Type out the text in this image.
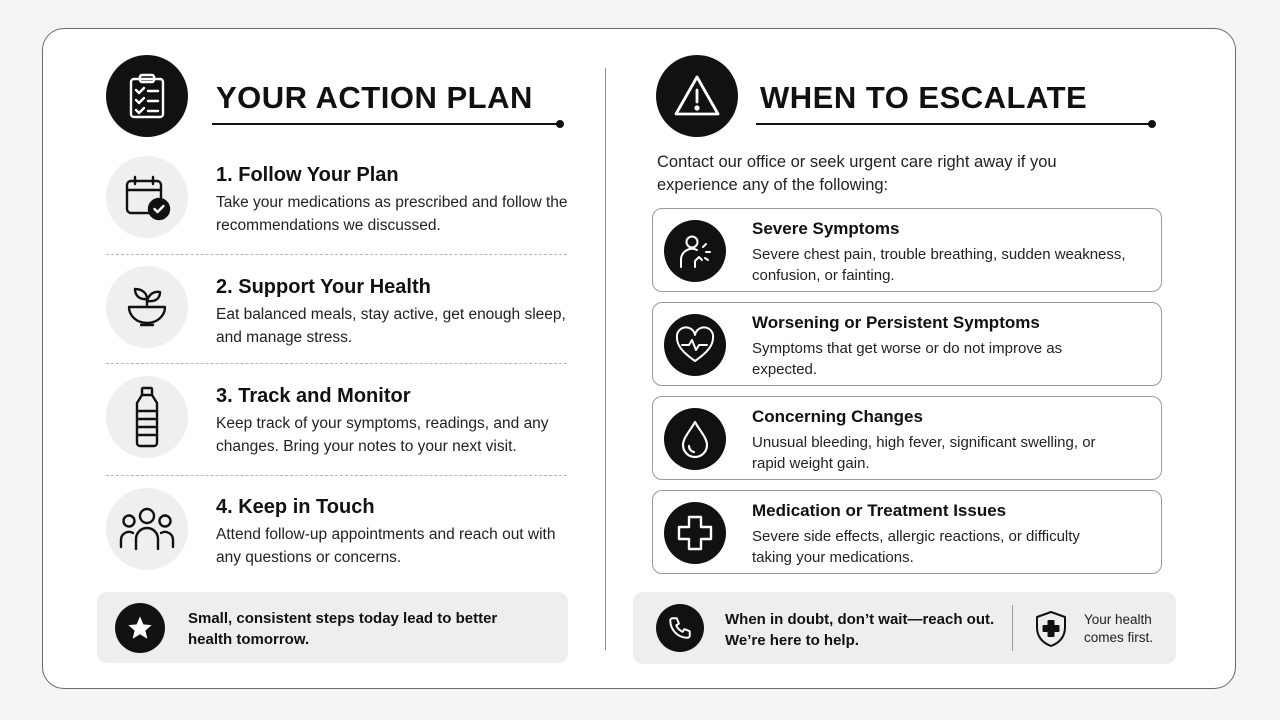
YOUR ACTION PLAN
1. Follow Your Plan
Take your medications as prescribed and follow the recommendations we discussed.
2. Support Your Health
Eat balanced meals, stay active, get enough sleep, and manage stress.
3. Track and Monitor
Keep track of your symptoms, readings, and any changes. Bring your notes to your next visit.
4. Keep in Touch
Attend follow-up appointments and reach out with any questions or concerns.
Small, consistent steps today lead to better health tomorrow.
WHEN TO ESCALATE
Contact our office or seek urgent care right away if you experience any of the following:
Severe Symptoms
Severe chest pain, trouble breathing, sudden weakness, confusion, or fainting.
Worsening or Persistent Symptoms
Symptoms that get worse or do not improve as expected.
Concerning Changes
Unusual bleeding, high fever, significant swelling, or rapid weight gain.
Medication or Treatment Issues
Severe side effects, allergic reactions, or difficulty taking your medications.
When in doubt, don’t wait—reach out. We’re here to help.
Your health comes first.
